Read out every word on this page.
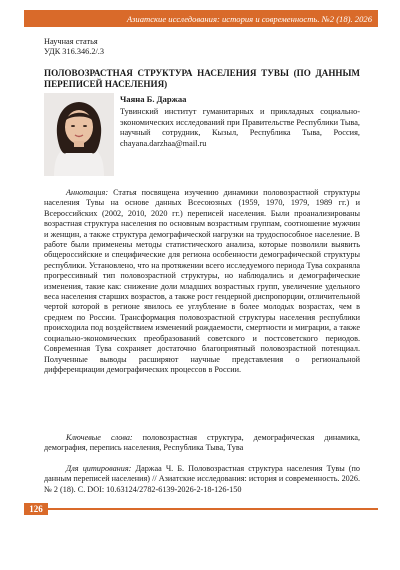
Азиатские исследования: история и современность. №2 (18). 2026
Научная статья
УДК 316.346.2/.3
ПОЛОВОЗРАСТНАЯ СТРУКТУРА НАСЕЛЕНИЯ ТУВЫ (ПО ДАННЫМ ПЕРЕПИСЕЙ НАСЕЛЕНИЯ)
Чаяна Б. Даржаа
Тувинский институт гуманитарных и прикладных социально-экономических исследований при Правительстве Республики Тыва, научный сотрудник, Кызыл, Республика Тыва, Россия, chayana.darzhaa@mail.ru

Аннотация: Статья посвящена изучению динамики половозрастной структуры населения Тувы на основе данных Всесоюзных (1959, 1970, 1979, 1989 гг.) и Всероссийских (2002, 2010, 2020 гг.) переписей населения. Были проанализированы возрастная структура населения по основным возрастным группам, соотношение мужчин и женщин, а также структура демографической нагрузки на трудоспособное население. В работе были применены методы статистического анализа, которые позволили выявить общероссийские и специфические для региона особенности демографической структуры республики. Установлено, что на протяжении всего исследуемого периода Тува сохраняла прогрессивный тип половозрастной структуры, но наблюдались и демографические изменения, такие как: снижение доли младших возрастных групп, увеличение удельного веса населения старших возрастов, а также рост гендерной диспропорции, отличительной чертой которой в регионе явилось ее углубление в более молодых возрастах, чем в среднем по России. Трансформация половозрастной структуры населения республики происходила под воздействием изменений рождаемости, смертности и миграции, а также социально-экономических преобразований советского и постсоветского периодов. Современная Тува сохраняет достаточно благоприятный половозрастной потенциал. Полученные выводы расширяют научные представления о региональной дифференциации демографических процессов в России.

Ключевые слова: половозрастная структура, демографическая динамика, демография, перепись населения, Республика Тыва, Тува

Для цитирования: Даржаа Ч. Б. Половозрастная структура населения Тувы (по данным переписей населения) // Азиатские исследования: история и современность. 2026. № 2 (18). С. DOI: 10.63124/2782-6139-2026-2-18-126-150

126
